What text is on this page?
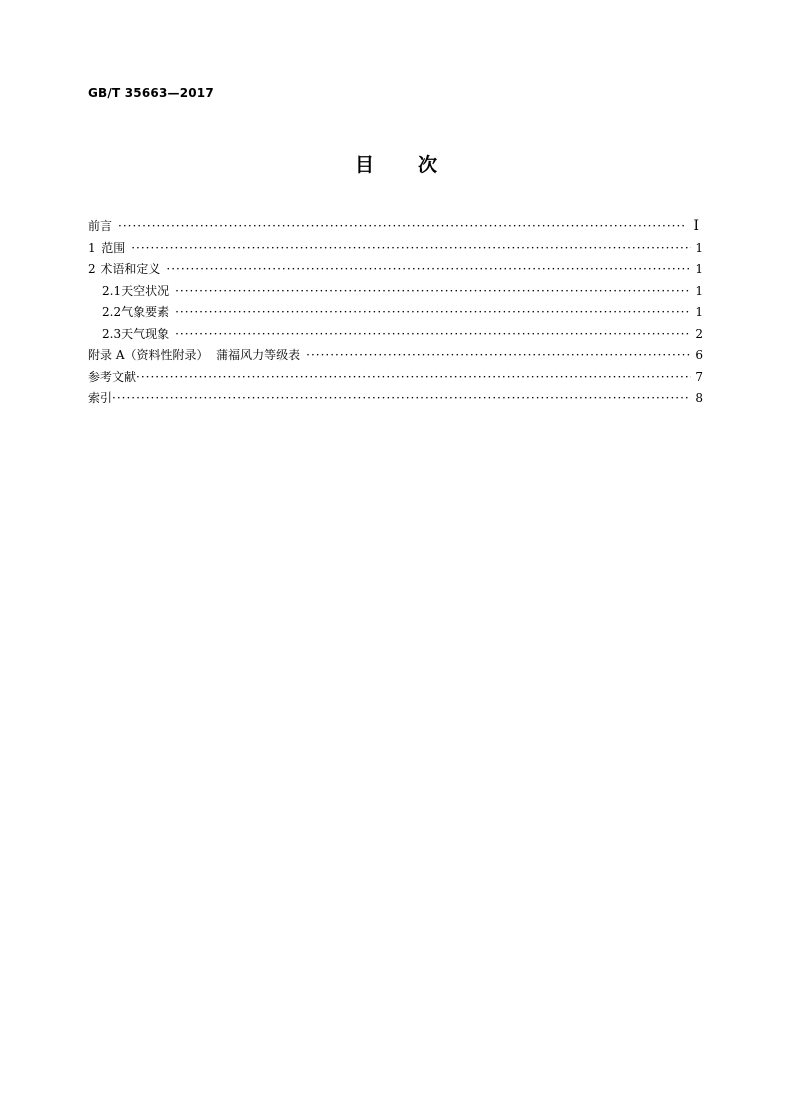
GB/T 35663—2017
目 次
前言 ·····	Ⅰ
1 范围 ·····	1
2 术语和定义 ·····	1
2.1 天空状况 ·····	1
2.2 气象要素 ·····	1
2.3 天气现象 ·····	2
附录 A（资料性附录）  蒲福风力等级表 ·····	6
参考文献 ·····	7
索引 ·····	8
